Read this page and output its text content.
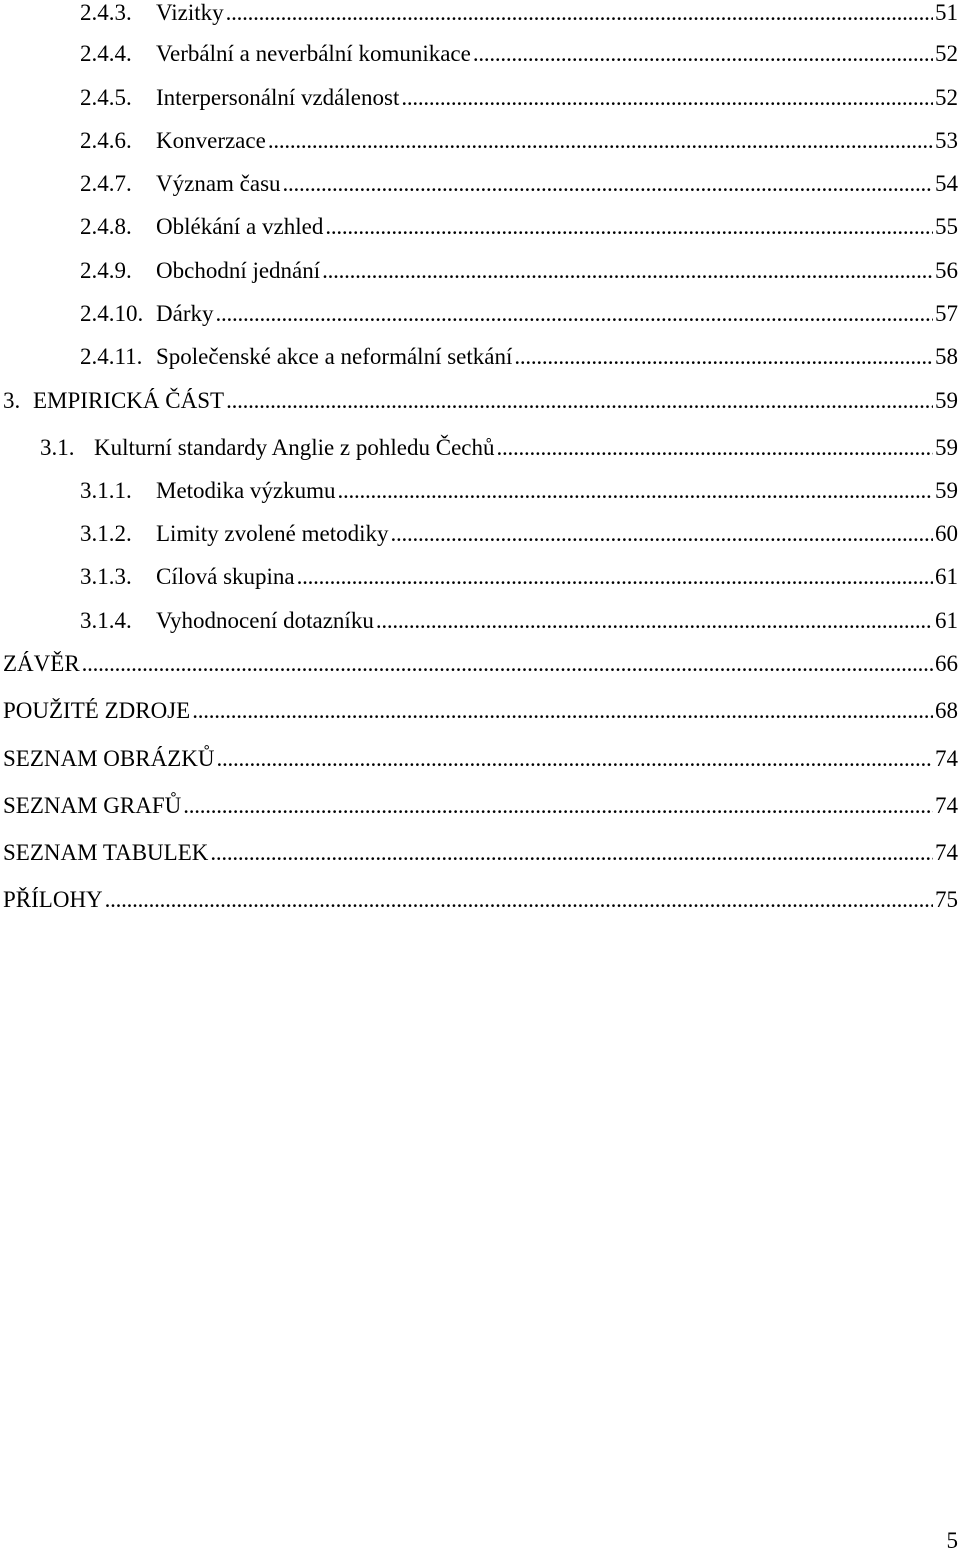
2.4.3.	Vizitky . . .	51
2.4.4.	Verbální a neverbální komunikace . . .	52
2.4.5.	Interpersonální vzdálenost . . .	52
2.4.6.	Konverzace . . .	53
2.4.7.	Význam času . . .	54
2.4.8.	Oblékání a vzhled . . .	55
2.4.9.	Obchodní jednání . . .	56
2.4.10. Dárky . . .	57
2.4.11. Společenské akce a neformální setkání . . .	58
3. EMPIRICKÁ ČÁST . . .	59
3.1. Kulturní standardy Anglie z pohledu Čechů . . .	59
3.1.1.	Metodika výzkumu . . .	59
3.1.2.	Limity zvolené metodiky . . .	60
3.1.3.	Cílová skupina . . .	61
3.1.4.	Vyhodnocení dotazníku . . .	61
ZÁVĚR . . .	66
POUŽITÉ ZDROJE . . .	68
SEZNAM OBRÁZKŮ . . .	74
SEZNAM GRAFŮ . . .	74
SEZNAM TABULEK . . .	74
PŘÍLOHY . . .	75
5
